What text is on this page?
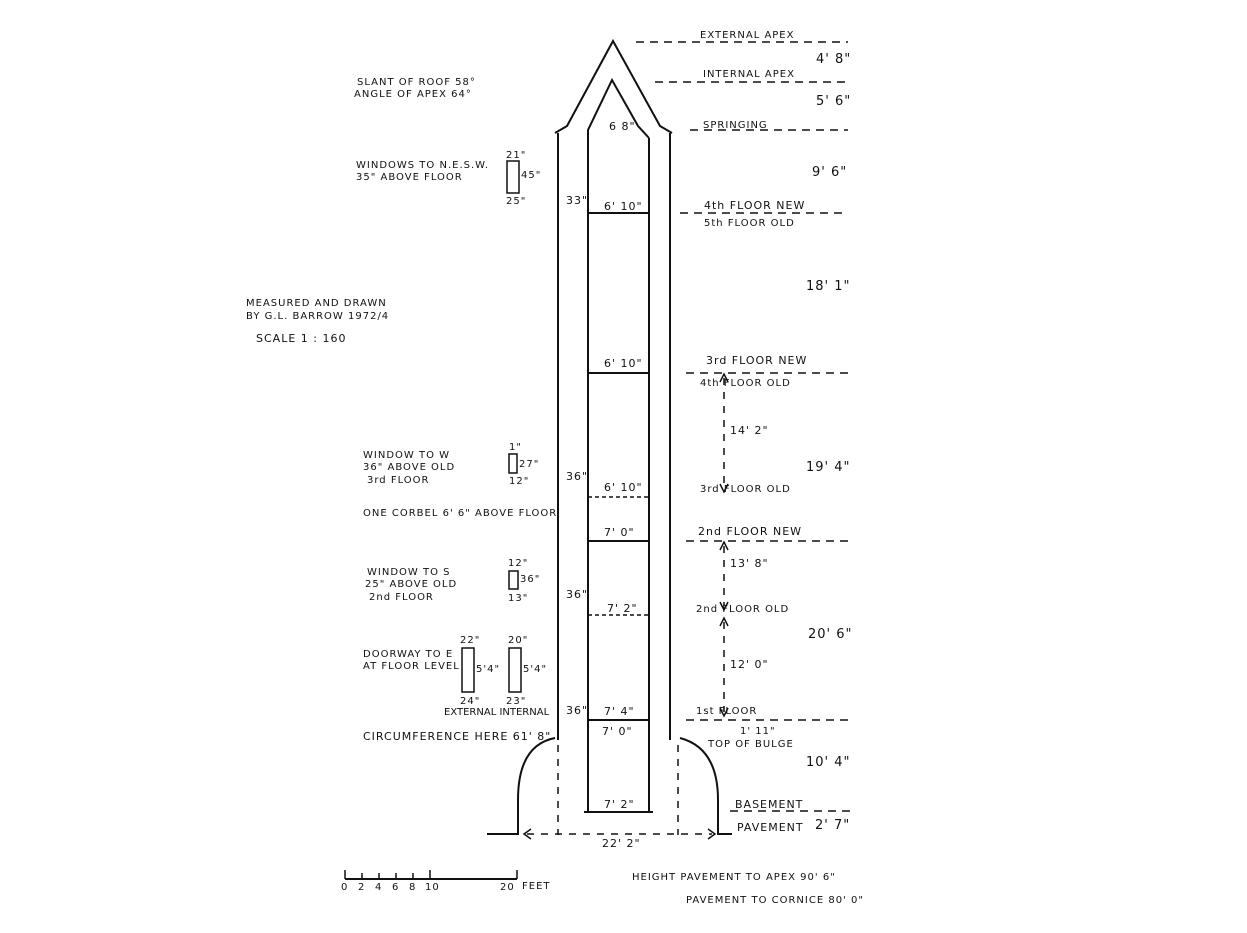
EXTERNAL APEX
INTERNAL APEX
SPRINGING
4th FLOOR NEW
5th FLOOR OLD
3rd FLOOR NEW
4th FLOOR OLD
3rd FLOOR OLD
2nd FLOOR NEW
2nd FLOOR OLD
1st FLOOR
TOP OF BULGE
BASEMENT
PAVEMENT
4' 8"
5' 6"
9' 6"
18' 1"
19' 4"
20' 6"
10' 4"
2' 7"
14' 2"
13' 8"
12' 0"
1' 11"
6 8"
6' 10"
6' 10"
6' 10"
7' 0"
7' 2"
7' 4"
7' 0"
7' 2"
22' 2"
33"
36"
36"
36"
SLANT OF ROOF 58°
ANGLE OF APEX 64°
WINDOWS TO N.E.S.W.
35" ABOVE FLOOR
21"
45"
25"
MEASURED AND DRAWN
BY G.L. BARROW 1972/4
SCALE 1 : 160
WINDOW TO W
36" ABOVE OLD
3rd FLOOR
1"
27"
12"
ONE CORBEL 6' 6" ABOVE FLOOR
WINDOW TO S
25" ABOVE OLD
2nd FLOOR
12"
36"
13"
DOORWAY TO E
AT FLOOR LEVEL
22"
5'4"
24"
20"
5'4"
23"
EXTERNAL INTERNAL
CIRCUMFERENCE HERE 61' 8"
0 2 4 6 8 10	20 FEET
HEIGHT PAVEMENT TO APEX 90' 6"
PAVEMENT TO CORNICE 80' 0"
